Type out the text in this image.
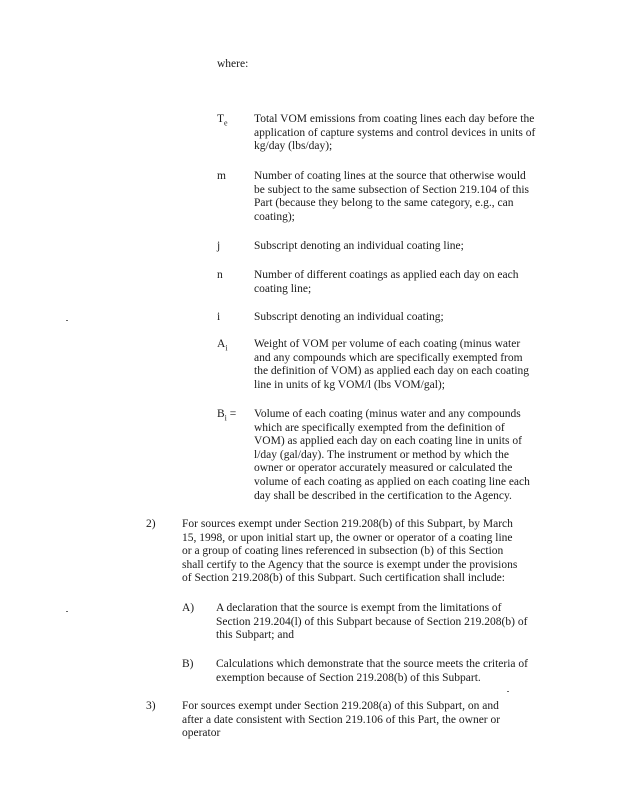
where:
$T_e$ Total VOM emissions from coating lines each day before the application of capture systems and control devices in units of kg/day (lbs/day);
m Number of coating lines at the source that otherwise would be subject to the same subsection of Section 219.104 of this Part (because they belong to the same category, e.g., can coating);
j	Subscript denoting an individual coating line;
n	Number of different coatings as applied each day on each coating line;
i	Subscript denoting an individual coating;
$A_i$ Weight of VOM per volume of each coating (minus water and any compounds which are specifically exempted from the definition of VOM) as applied each day on each coating line in units of kg VOM/l (lbs VOM/gal);
$B_i$ = Volume of each coating (minus water and any compounds which are specifically exempted from the definition of VOM) as applied each day on each coating line in units of l/day (gal/day). The instrument or method by which the owner or operator accurately measured or calculated the volume of each coating as applied on each coating line each day shall be described in the certification to the Agency.
2) For sources exempt under Section 219.208(b) of this Subpart, by March 15, 1998, or upon initial start up, the owner or operator of a coating line or a group of coating lines referenced in subsection (b) of this Section shall certify to the Agency that the source is exempt under the provisions of Section 219.208(b) of this Subpart. Such certification shall include:
A) A declaration that the source is exempt from the limitations of Section 219.204(l) of this Subpart because of Section 219.208(b) of this Subpart; and
B) Calculations which demonstrate that the source meets the criteria of exemption because of Section 219.208(b) of this Subpart.
3) For sources exempt under Section 219.208(a) of this Subpart, on and after a date consistent with Section 219.106 of this Part, the owner or operator
